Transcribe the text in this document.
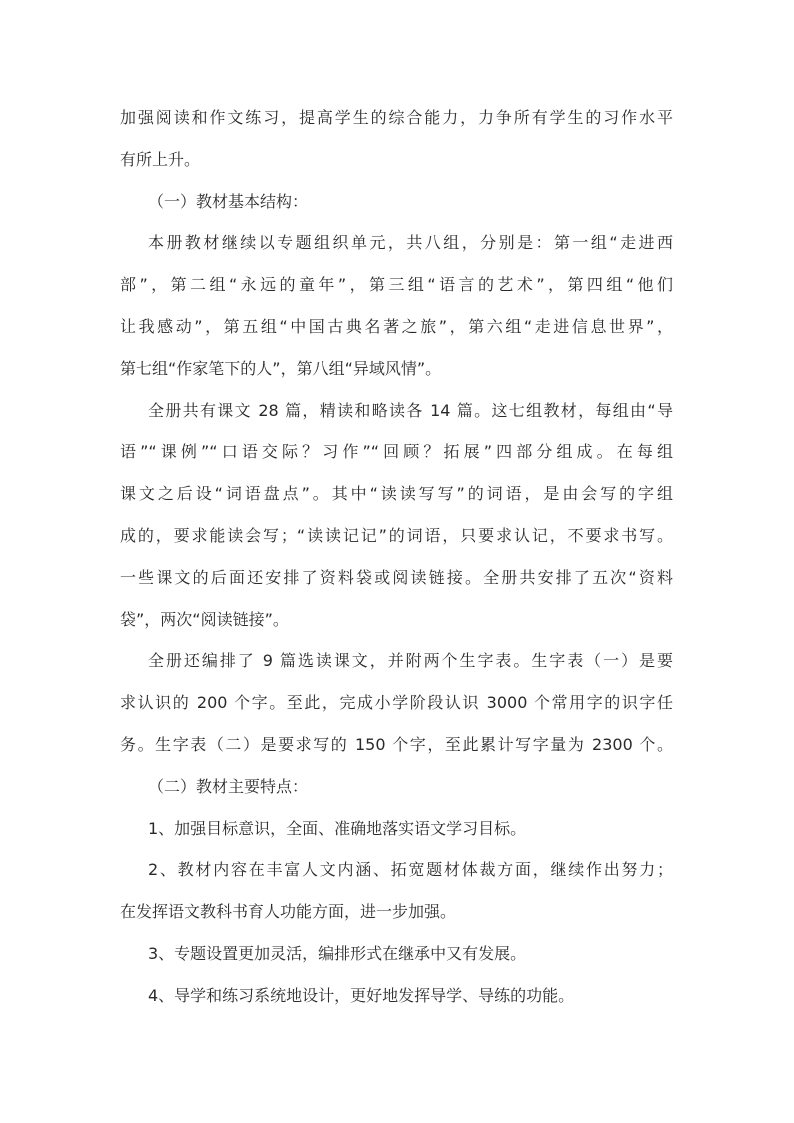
加强阅读和作文练习，提高学生的综合能力，力争所有学生的习作水平
有所上升。
（一）教材基本结构：
本册教材继续以专题组织单元，共八组，分别是：第一组“走进西
部”，第二组“永远的童年”，第三组“语言的艺术”，第四组“他们
让我感动”，第五组“中国古典名著之旅”，第六组“走进信息世界”，
第七组“作家笔下的人”，第八组“异域风情”。
全册共有课文 28 篇，精读和略读各 14 篇。这七组教材，每组由“导
语”“课例”“口语交际？习作”“回顾？拓展”四部分组成。在每组
课文之后设“词语盘点”。其中“读读写写”的词语，是由会写的字组
成的，要求能读会写；“读读记记”的词语，只要求认记，不要求书写。
一些课文的后面还安排了资料袋或阅读链接。全册共安排了五次“资料
袋”，两次“阅读链接”。
全册还编排了 9 篇选读课文，并附两个生字表。生字表（一）是要
求认识的 200 个字。至此，完成小学阶段认识 3000 个常用字的识字任
务。生字表（二）是要求写的 150 个字，至此累计写字量为 2300 个。
（二）教材主要特点：
1、加强目标意识，全面、准确地落实语文学习目标。
2、教材内容在丰富人文内涵、拓宽题材体裁方面，继续作出努力；
在发挥语文教科书育人功能方面，进一步加强。
3、专题设置更加灵活，编排形式在继承中又有发展。
4、导学和练习系统地设计，更好地发挥导学、导练的功能。
